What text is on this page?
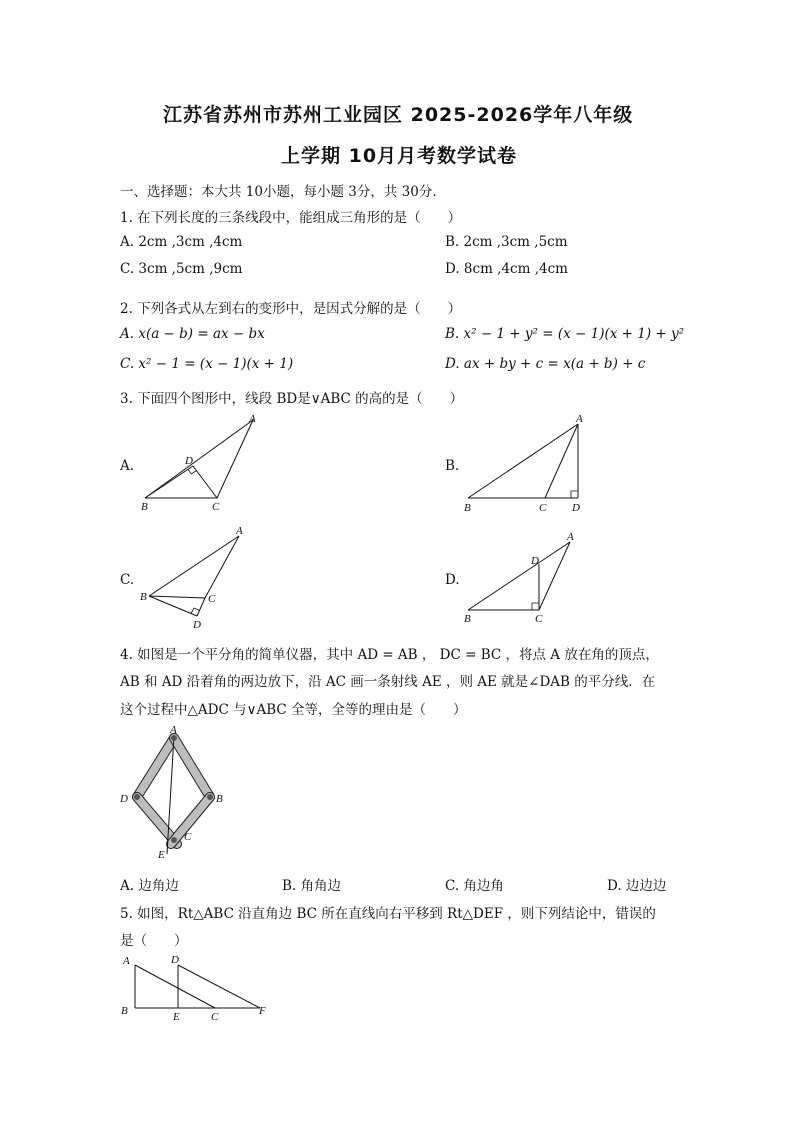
江苏省苏州市苏州工业园区 2025-2026学年八年级
上学期 10月月考数学试卷
一、选择题：本大共 10小题，每小题 3分，共 30分.
1. 在下列长度的三条线段中，能组成三角形的是（　　）
A. 2cm ,3cm ,4cm	B. 2cm ,3cm ,5cm
C. 3cm ,5cm ,9cm	D. 8cm ,4cm ,4cm
2. 下列各式从左到右的变形中，是因式分解的是（　　）
A. x(a − b) = ax − bx	B. x² − 1 + y² = (x − 1)(x + 1) + y²
C. x² − 1 = (x − 1)(x + 1)	D. ax + by + c = x(a + b) + c
3. 下面四个图形中，线段 BD是∨ABC 的高的是（　　）
A.
A
D
B	C
B.
A
B	C D
C.
A
B	C
D
D.
A
D
B	C
4. 如图是一个平分角的简单仪器，其中 AD = AB ， DC = BC ，将点 A 放在角的顶点，
AB 和 AD 沿着角的两边放下，沿 AC 画一条射线 AE ，则 AE 就是∠DAB 的平分线．在
这个过程中△ADC 与∨ABC 全等，全等的理由是（　　）
A
D	B
C
E
A. 边角边	B. 角角边	C. 角边角	D. 边边边
5. 如图，Rt△ABC 沿直角边 BC 所在直线向右平移到 Rt△DEF ，则下列结论中，错误的
是（　　）
A	D
B	E	C	F
